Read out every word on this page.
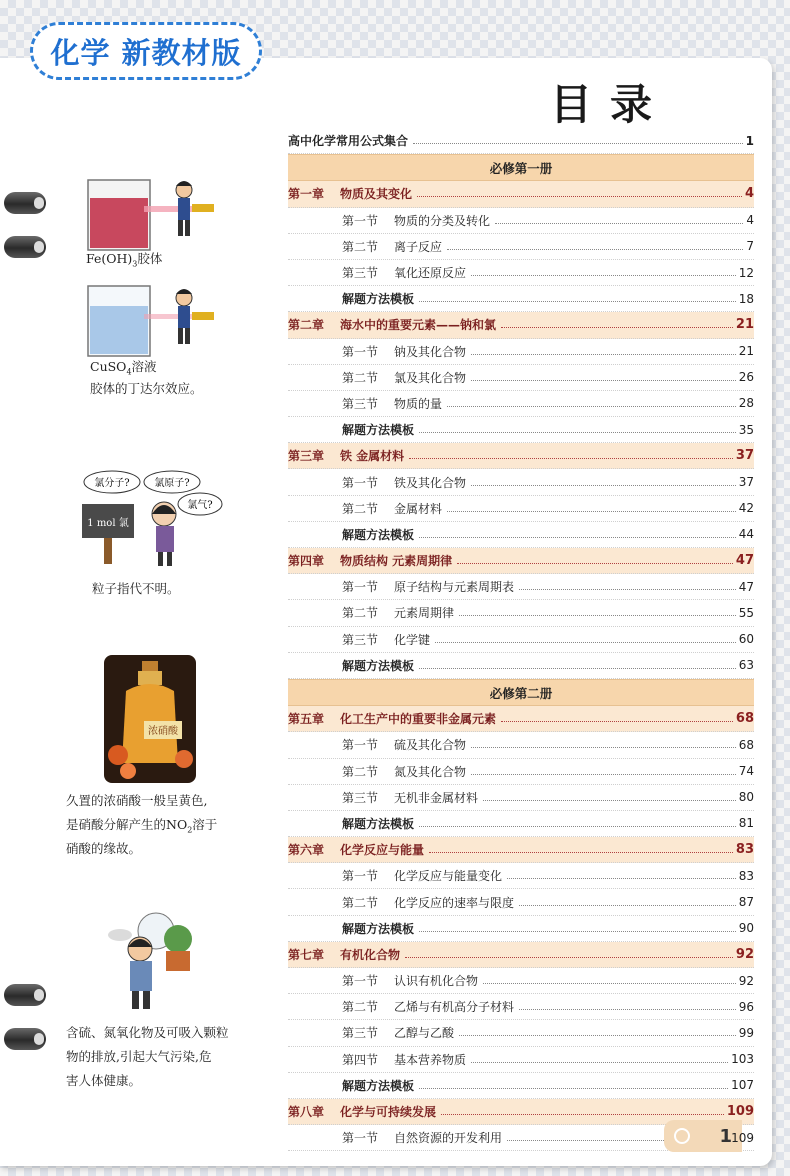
化学 新教材版
目录
$Fe(OH)_3$胶体
CuSO$_4$溶液
胶体的丁达尔效应。
氯分子? 氯原子?
氯气?
1 mol 氯
粒子指代不明。
浓硝酸
久置的浓硝酸一般呈黄色,
是硝酸分解产生的$NO_2$溶于
硝酸的缘故。
含硫、氮氧化物及可吸入颗粒
物的排放,引起大气污染,危
害人体健康。
高中化学常用公式集合	1
必修第一册
第一章 物质及其变化	4
第一节 物质的分类及转化	4
第二节 离子反应	7
第三节 氧化还原反应	12
解题方法模板	18
第二章 海水中的重要元素——钠和氯	21
第一节 钠及其化合物	21
第二节 氯及其化合物	26
第三节 物质的量	28
解题方法模板	35
第三章 铁 金属材料	37
第一节 铁及其化合物	37
第二节 金属材料	42
解题方法模板	44
第四章 物质结构 元素周期律	47
第一节 原子结构与元素周期表	47
第二节 元素周期律	55
第三节 化学键	60
解题方法模板	63
必修第二册
第五章 化工生产中的重要非金属元素	68
第一节 硫及其化合物	68
第二节 氮及其化合物	74
第三节 无机非金属材料	80
解题方法模板	81
第六章 化学反应与能量	83
第一节 化学反应与能量变化	83
第二节 化学反应的速率与限度	87
解题方法模板	90
第七章 有机化合物	92
第一节 认识有机化合物	92
第二节 乙烯与有机高分子材料	96
第三节 乙醇与乙酸	99
第四节 基本营养物质	103
解题方法模板	107
第八章 化学与可持续发展	109
第一节 自然资源的开发利用	109
1
